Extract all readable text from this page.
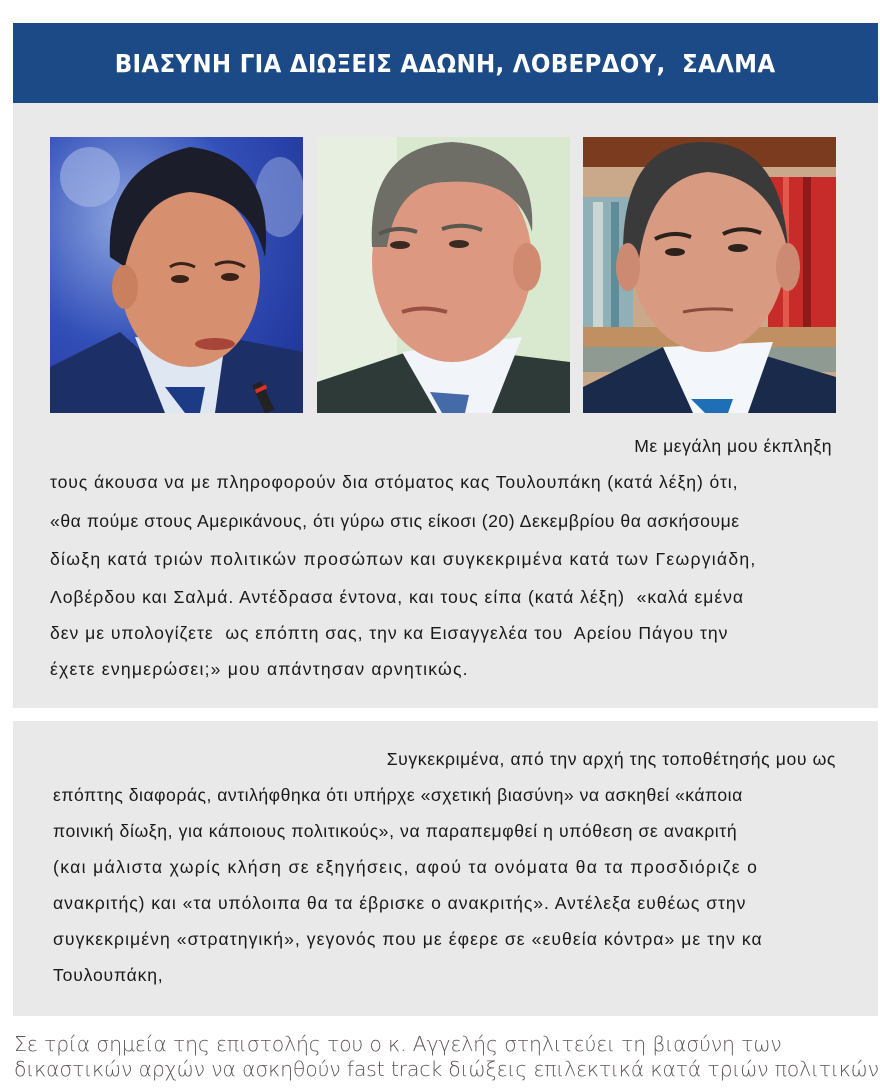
ΒΙΑΣΥΝΗ ΓΙΑ ΔΙΩΞΕΙΣ ΑΔΩΝΗ, ΛΟΒΕΡΔΟΥ,  ΣΑΛΜΑ

Με μεγάλη μου έκπληξη

τους άκουσα να με πληροφορούν δια στόματος κας Τουλουπάκη (κατά λέξη) ότι,

«θα πούμε στους Αμερικάνους, ότι γύρω στις είκοσι (20) Δεκεμβρίου θα ασκήσουμε

δίωξη κατά τριών πολιτικών προσώπων και συγκεκριμένα κατά των Γεωργιάδη,

Λοβέρδου και Σαλμά. Αντέδρασα έντονα, και τους είπα (κατά λέξη)  «καλά εμένα

δεν με υπολογίζετε  ως επόπτη σας, την κα Εισαγγελέα του  Αρείου Πάγου την

έχετε ενημερώσει;» μου απάντησαν αρνητικώς.

Συγκεκριμένα, από την αρχή της τοποθέτησής μου ως

επόπτης διαφοράς, αντιλήφθηκα ότι υπήρχε «σχετική βιασύνη» να ασκηθεί «κάποια

ποινική δίωξη, για κάποιους πολιτικούς», να παραπεμφθεί η υπόθεση σε ανακριτή

(και μάλιστα χωρίς κλήση σε εξηγήσεις, αφού τα ονόματα θα τα προσδιόριζε ο

ανακριτής) και «τα υπόλοιπα θα τα έβρισκε ο ανακριτής». Αντέλεξα ευθέως στην

συγκεκριμένη «στρατηγική», γεγονός που με έφερε σε «ευθεία κόντρα» με την κα

Τουλουπάκη,

Σε τρία σημεία της επιστολής του ο κ. Αγγελής στηλιτεύει τη βιασύνη των
δικαστικών αρχών να ασκηθούν fast track διώξεις επιλεκτικά κατά τριών πολιτικών
